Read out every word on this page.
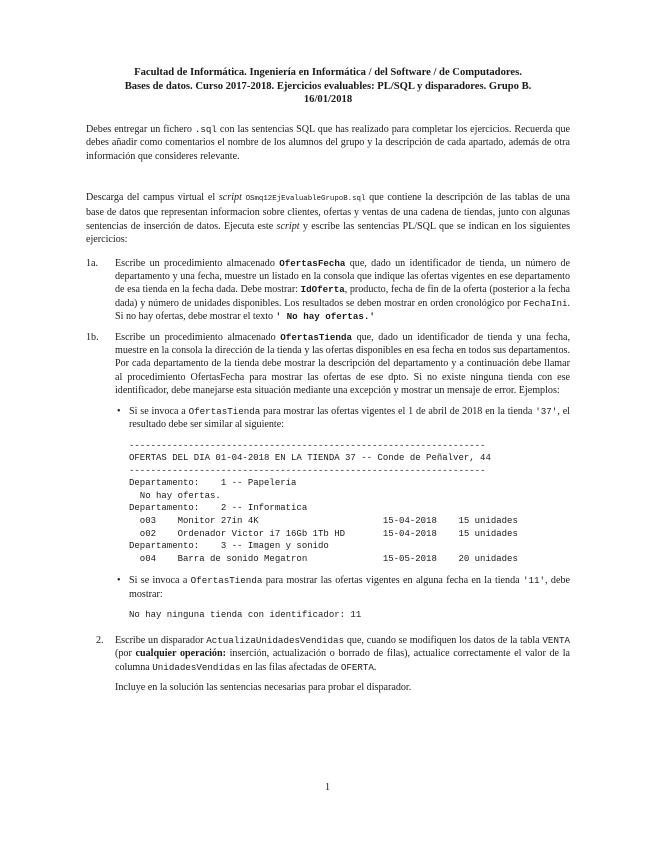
Facultad de Informática. Ingeniería en Informática / del Software / de Computadores.
Bases de datos. Curso 2017-2018. Ejercicios evaluables: PL/SQL y disparadores. Grupo B.
16/01/2018

Debes entregar un fichero .sql con las sentencias SQL que has realizado para completar los ejercicios. Recuerda que debes añadir como comentarios el nombre de los alumnos del grupo y la descripción de cada apartado, además de otra información que consideres relevante.

Descarga del campus virtual el script OSmq12EjEvaluableGrupoB.sql que contiene la descripción de las tablas de una base de datos que representan informacion sobre clientes, ofertas y ventas de una cadena de tiendas, junto con algunas sentencias de inserción de datos. Ejecuta este script y escribe las sentencias PL/SQL que se indican en los siguientes ejercicios:

1a. Escribe un procedimiento almacenado OfertasFecha que, dado un identificador de tienda, un número de departamento y una fecha, muestre un listado en la consola que indique las ofertas vigentes en ese departamento de esa tienda en la fecha dada. Debe mostrar: IdOferta, producto, fecha de fin de la oferta (posterior a la fecha dada) y número de unidades disponibles. Los resultados se deben mostrar en orden cronológico por FechaIni. Si no hay ofertas, debe mostrar el texto ' No hay ofertas.'

1b. Escribe un procedimiento almacenado OfertasTienda que, dado un identificador de tienda y una fecha, muestre en la consola la dirección de la tienda y las ofertas disponibles en esa fecha en todos sus departamentos. Por cada departamento de la tienda debe mostrar la descripción del departamento y a continuación debe llamar al procedimiento OfertasFecha para mostrar las ofertas de ese dpto. Si no existe ninguna tienda con ese identificador, debe manejarse esta situación mediante una excepción y mostrar un mensaje de error. Ejemplos:

• Si se invoca a OfertasTienda para mostrar las ofertas vigentes el 1 de abril de 2018 en la tienda '37', el resultado debe ser similar al siguiente:

------------------------------------------------------------------
OFERTAS DEL DIA 01-04-2018 EN LA TIENDA 37 -- Conde de Peñalver, 44
------------------------------------------------------------------
Departamento:    1 -- Papelería
No hay ofertas.
Departamento:    2 -- Informatica
o03    Monitor 27in 4K                       15-04-2018    15 unidades
o02    Ordenador Victor i7 16Gb 1Tb HD       15-04-2018    15 unidades
Departamento:    3 -- Imagen y sonido
o04    Barra de sonido Megatron              15-05-2018    20 unidades
• Si se invoca a OfertasTienda para mostrar las ofertas vigentes en alguna fecha en la tienda '11', debe mostrar:

No hay ninguna tienda con identificador: 11
2. Escribe un disparador ActualizaUnidadesVendidas que, cuando se modifiquen los datos de la tabla VENTA (por cualquier operación: inserción, actualización o borrado de filas), actualice correctamente el valor de la columna UnidadesVendidas en las filas afectadas de OFERTA.

Incluye en la solución las sentencias necesarias para probar el disparador.

1
